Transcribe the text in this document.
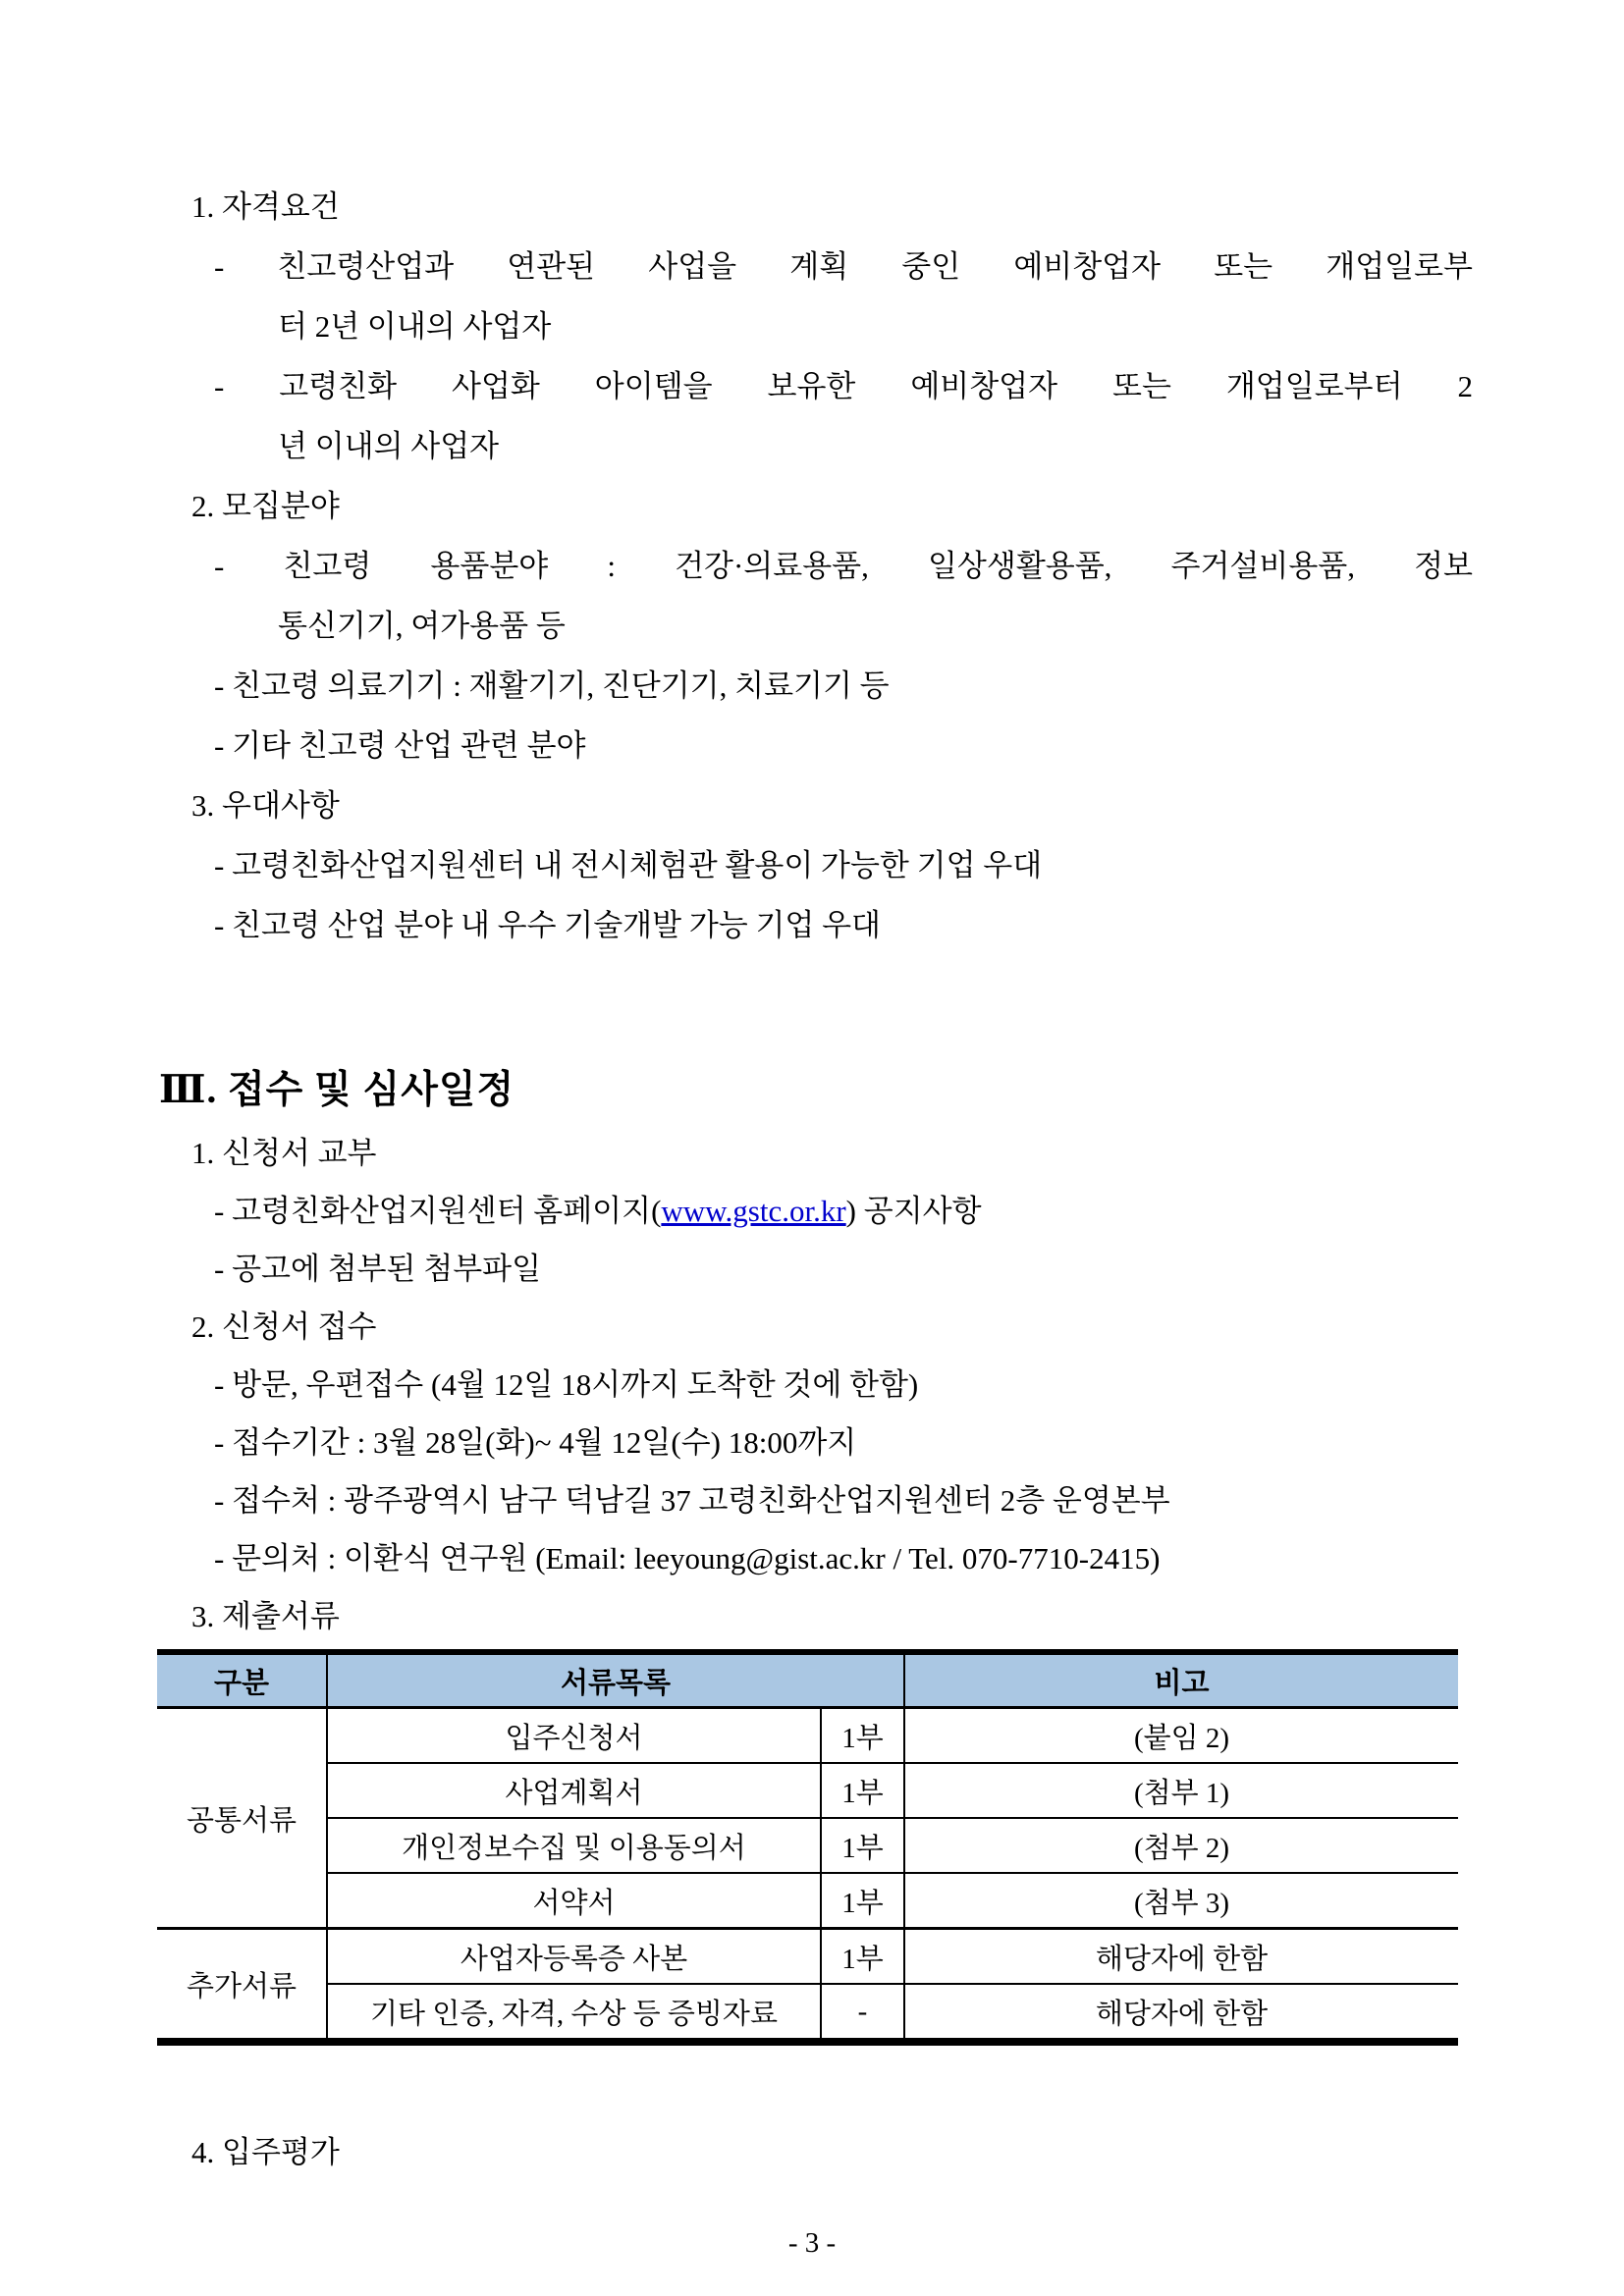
1. 자격요건
- 친고령산업과 연관된 사업을 계획 중인 예비창업자 또는 개업일로부
터 2년 이내의 사업자
- 고령친화 사업화 아이템을 보유한 예비창업자 또는 개업일로부터 2
년 이내의 사업자
2. 모집분야
- 친고령 용품분야 : 건강·의료용품, 일상생활용품, 주거설비용품, 정보
통신기기, 여가용품 등
- 친고령 의료기기 : 재활기기, 진단기기, 치료기기 등
- 기타 친고령 산업 관련 분야
3. 우대사항
- 고령친화산업지원센터 내 전시체험관 활용이 가능한 기업 우대
- 친고령 산업 분야 내 우수 기술개발 가능 기업 우대
Ⅲ. 접수 및 심사일정
1. 신청서 교부
- 고령친화산업지원센터 홈페이지(www.gstc.or.kr) 공지사항
- 공고에 첨부된 첨부파일
2. 신청서 접수
- 방문, 우편접수 (4월 12일 18시까지 도착한 것에 한함)
- 접수기간 : 3월 28일(화)~ 4월 12일(수) 18:00까지
- 접수처 : 광주광역시 남구 덕남길 37 고령친화산업지원센터 2층 운영본부
- 문의처 : 이환식 연구원 (Email: leeyoung@gist.ac.kr / Tel. 070-7710-2415)
3. 제출서류
구분	서류목록		비고
공통서류	입주신청서	1부	(붙임 2)
	사업계획서	1부	(첨부 1)
	개인정보수집 및 이용동의서	1부	(첨부 2)
	서약서	1부	(첨부 3)
추가서류	사업자등록증 사본	1부	해당자에 한함
	기타 인증, 자격, 수상 등 증빙자료	-	해당자에 한함
4. 입주평가
- 3 -
